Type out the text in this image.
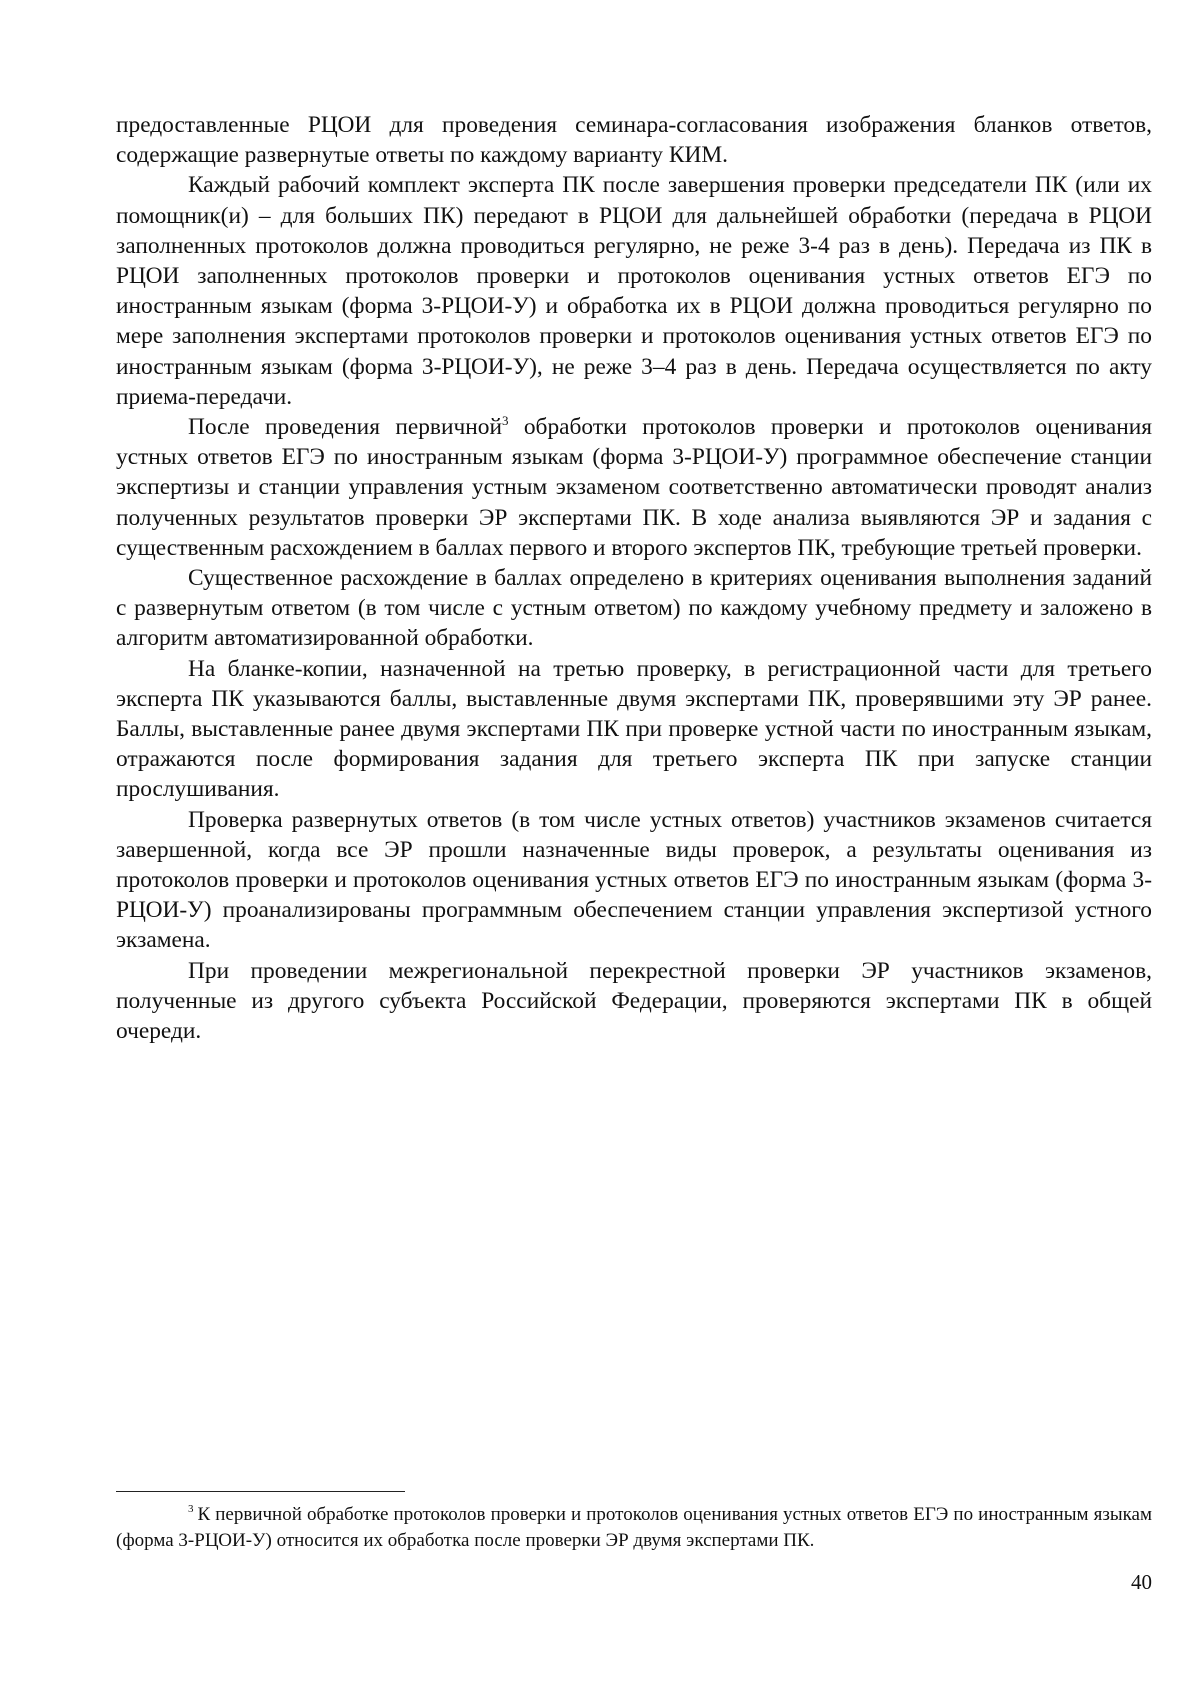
предоставленные РЦОИ для проведения семинара-согласования изображения бланков ответов, содержащие развернутые ответы по каждому варианту КИМ.

Каждый рабочий комплект эксперта ПК после завершения проверки председатели ПК (или их помощник(и) – для больших ПК) передают в РЦОИ для дальнейшей обработки (передача в РЦОИ заполненных протоколов должна проводиться регулярно, не реже 3-4 раз в день). Передача из ПК в РЦОИ заполненных протоколов проверки и протоколов оценивания устных ответов ЕГЭ по иностранным языкам (форма 3-РЦОИ-У) и обработка их в РЦОИ должна проводиться регулярно по мере заполнения экспертами протоколов проверки и протоколов оценивания устных ответов ЕГЭ по иностранным языкам (форма 3-РЦОИ-У), не реже 3–4 раз в день. Передача осуществляется по акту приема-передачи.

После проведения первичной$^3$ обработки протоколов проверки и протоколов оценивания устных ответов ЕГЭ по иностранным языкам (форма 3-РЦОИ-У) программное обеспечение станции экспертизы и станции управления устным экзаменом соответственно автоматически проводят анализ полученных результатов проверки ЭР экспертами ПК. В ходе анализа выявляются ЭР и задания с существенным расхождением в баллах первого и второго экспертов ПК, требующие третьей проверки.

Существенное расхождение в баллах определено в критериях оценивания выполнения заданий с развернутым ответом (в том числе с устным ответом) по каждому учебному предмету и заложено в алгоритм автоматизированной обработки.

На бланке-копии, назначенной на третью проверку, в регистрационной части для третьего эксперта ПК указываются баллы, выставленные двумя экспертами ПК, проверявшими эту ЭР ранее. Баллы, выставленные ранее двумя экспертами ПК при проверке устной части по иностранным языкам, отражаются после формирования задания для третьего эксперта ПК при запуске станции прослушивания.

Проверка развернутых ответов (в том числе устных ответов) участников экзаменов считается завершенной, когда все ЭР прошли назначенные виды проверок, а результаты оценивания из протоколов проверки и протоколов оценивания устных ответов ЕГЭ по иностранным языкам (форма 3-РЦОИ-У) проанализированы программным обеспечением станции управления экспертизой устного экзамена.

При проведении межрегиональной перекрестной проверки ЭР участников экзаменов, полученные из другого субъекта Российской Федерации, проверяются экспертами ПК в общей очереди.

$^3$ К первичной обработке протоколов проверки и протоколов оценивания устных ответов ЕГЭ по иностранным языкам (форма 3-РЦОИ-У) относится их обработка после проверки ЭР двумя экспертами ПК.

40
